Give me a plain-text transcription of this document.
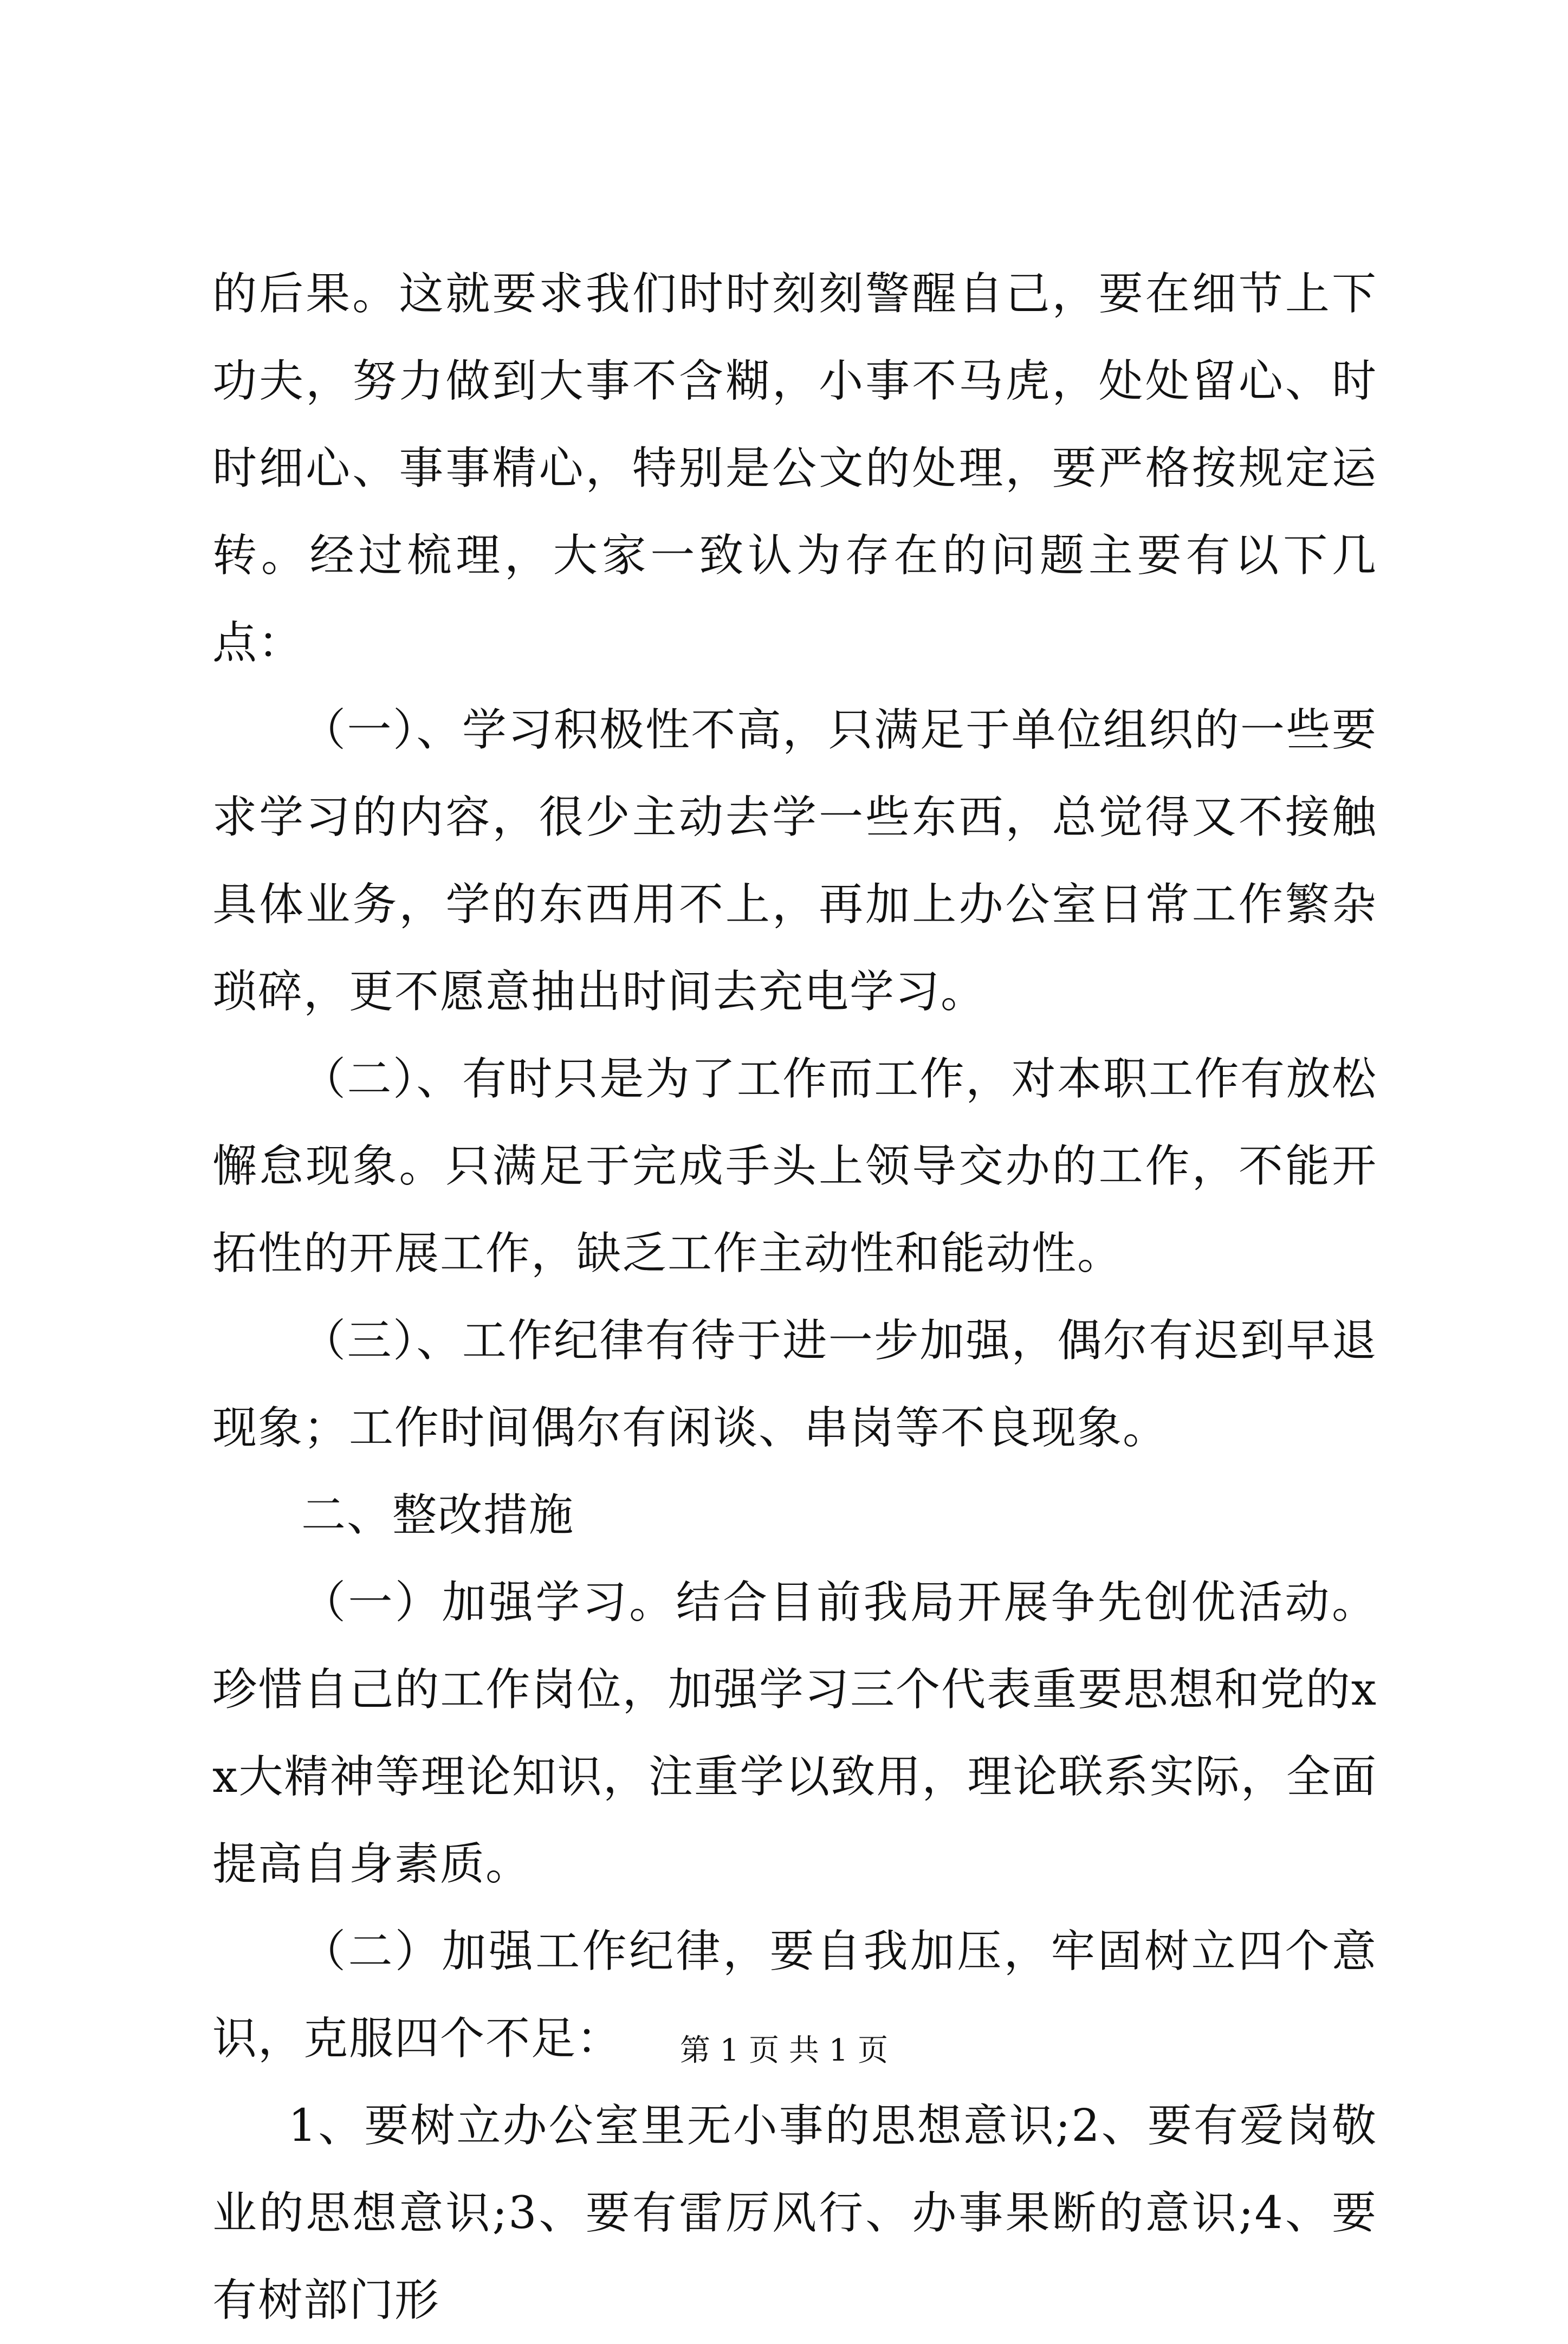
的后果。这就要求我们时时刻刻警醒自己，要在细节上下功夫，努力做到大事不含糊，小事不马虎，处处留心、时时细心、事事精心，特别是公文的处理，要严格按规定运转。经过梳理，大家一致认为存在的问题主要有以下几点：

（一）、学习积极性不高，只满足于单位组织的一些要求学习的内容，很少主动去学一些东西，总觉得又不接触具体业务，学的东西用不上，再加上办公室日常工作繁杂琐碎，更不愿意抽出时间去充电学习。

（二）、有时只是为了工作而工作，对本职工作有放松懈怠现象。只满足于完成手头上领导交办的工作，不能开拓性的开展工作，缺乏工作主动性和能动性。

（三）、工作纪律有待于进一步加强，偶尔有迟到早退现象；工作时间偶尔有闲谈、串岗等不良现象。

二、整改措施

（一）加强学习。结合目前我局开展争先创优活动。珍惜自己的工作岗位，加强学习三个代表重要思想和党的xx大精神等理论知识，注重学以致用，理论联系实际，全面提高自身素质。

（二）加强工作纪律，要自我加压，牢固树立四个意识，克服四个不足：

1、要树立办公室里无小事的思想意识;2、要有爱岗敬业的思想意识;3、要有雷厉风行、办事果断的意识;4、要有树部门形

第 1 页 共 1 页
